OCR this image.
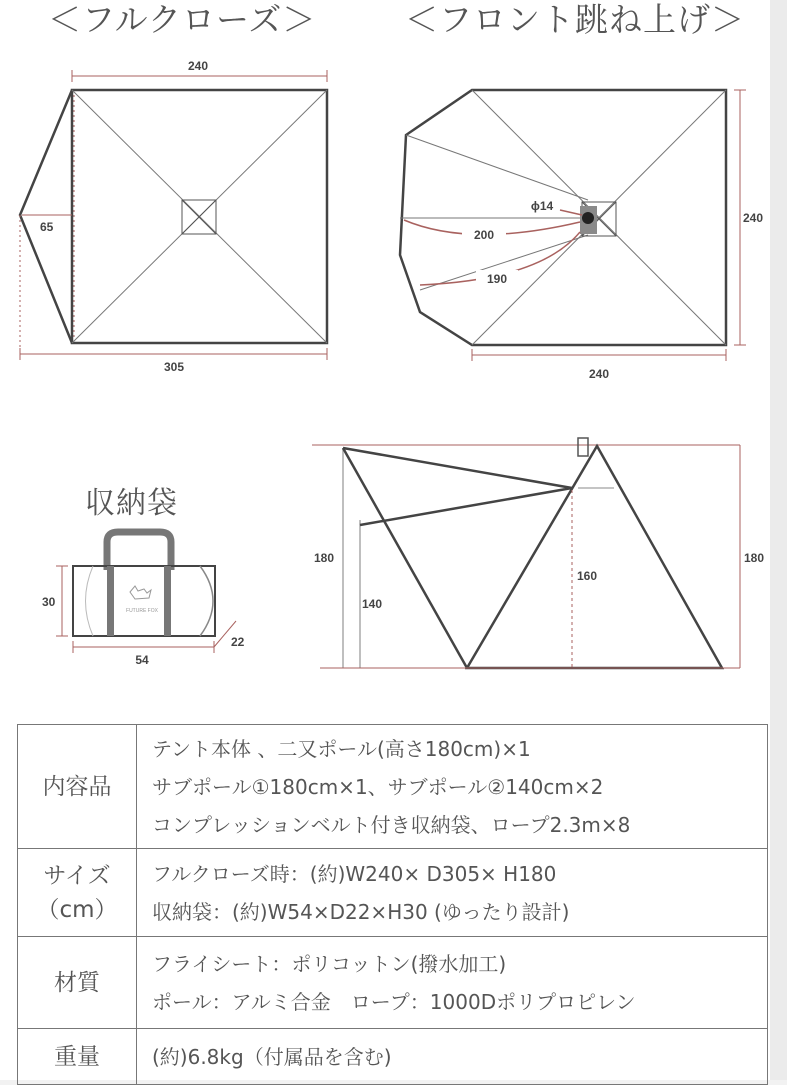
＜フルクローズ＞	＜フロント跳ね上げ＞
収納袋
240
65
305
200
190
ϕ14
240
240
180
140
160
180
FUTURE FOX
30
54
22
内容品	テント本体 、二又ポール(高さ180cm)×1
サブポール①180cm×1、サブポール②140cm×2
コンプレッションベルト付き収納袋、ロープ2.3m×8

サイズ
（cm）	フルクローズ時：(約)W240× D305× H180
収納袋：(約)W54×D22×H30 (ゆったり設計)

材質	フライシート：ポリコットン(撥水加工)
ポール：アルミ合金　ロープ：1000Dポリプロピレン

重量	(約)6.8kg（付属品を含む)
